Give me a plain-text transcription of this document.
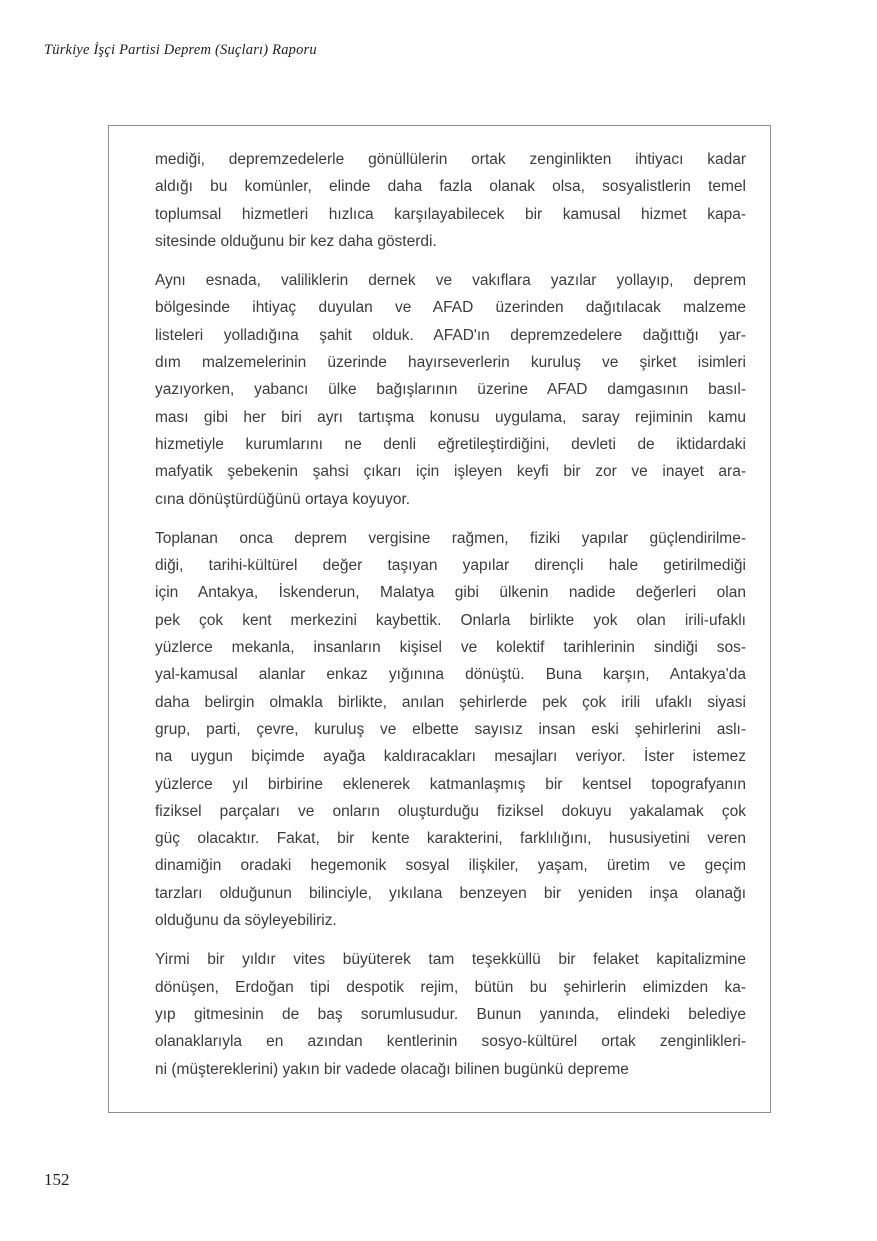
Türkiye İşçi Partisi Deprem (Suçları) Raporu
mediği, depremzedelerle gönüllülerin ortak zenginlikten ihtiyacı kadar
aldığı bu komünler, elinde daha fazla olanak olsa, sosyalistlerin temel
toplumsal hizmetleri hızlıca karşılayabilecek bir kamusal hizmet kapa-
sitesinde olduğunu bir kez daha gösterdi.
Aynı esnada, valiliklerin dernek ve vakıflara yazılar yollayıp, deprem
bölgesinde ihtiyaç duyulan ve AFAD üzerinden dağıtılacak malzeme
listeleri yolladığına şahit olduk. AFAD'ın depremzedelere dağıttığı yar-
dım malzemelerinin üzerinde hayırseverlerin kuruluş ve şirket isimleri
yazıyorken, yabancı ülke bağışlarının üzerine AFAD damgasının basıl-
ması gibi her biri ayrı tartışma konusu uygulama, saray rejiminin kamu
hizmetiyle kurumlarını ne denli eğretileştirdiğini, devleti de iktidardaki
mafyatik şebekenin şahsi çıkarı için işleyen keyfi bir zor ve inayet ara-
cına dönüştürdüğünü ortaya koyuyor.
Toplanan onca deprem vergisine rağmen, fiziki yapılar güçlendirilme-
diği, tarihi-kültürel değer taşıyan yapılar dirençli hale getirilmediği
için Antakya, İskenderun, Malatya gibi ülkenin nadide değerleri olan
pek çok kent merkezini kaybettik. Onlarla birlikte yok olan irili-ufaklı
yüzlerce mekanla, insanların kişisel ve kolektif tarihlerinin sindiği sos-
yal-kamusal alanlar enkaz yığınına dönüştü. Buna karşın, Antakya'da
daha belirgin olmakla birlikte, anılan şehirlerde pek çok irili ufaklı siyasi
grup, parti, çevre, kuruluş ve elbette sayısız insan eski şehirlerini aslı-
na uygun biçimde ayağa kaldıracakları mesajları veriyor. İster istemez
yüzlerce yıl birbirine eklenerek katmanlaşmış bir kentsel topografyanın
fiziksel parçaları ve onların oluşturduğu fiziksel dokuyu yakalamak çok
güç olacaktır. Fakat, bir kente karakterini, farklılığını, hususiyetini veren
dinamiğin oradaki hegemonik sosyal ilişkiler, yaşam, üretim ve geçim
tarzları olduğunun bilinciyle, yıkılana benzeyen bir yeniden inşa olanağı
olduğunu da söyleyebiliriz.
Yirmi bir yıldır vites büyüterek tam teşekküllü bir felaket kapitalizmine
dönüşen, Erdoğan tipi despotik rejim, bütün bu şehirlerin elimizden ka-
yıp gitmesinin de baş sorumlusudur. Bunun yanında, elindeki belediye
olanaklarıyla en azından kentlerinin sosyo-kültürel ortak zenginlikleri-
ni (müştereklerini) yakın bir vadede olacağı bilinen bugünkü depreme
152
